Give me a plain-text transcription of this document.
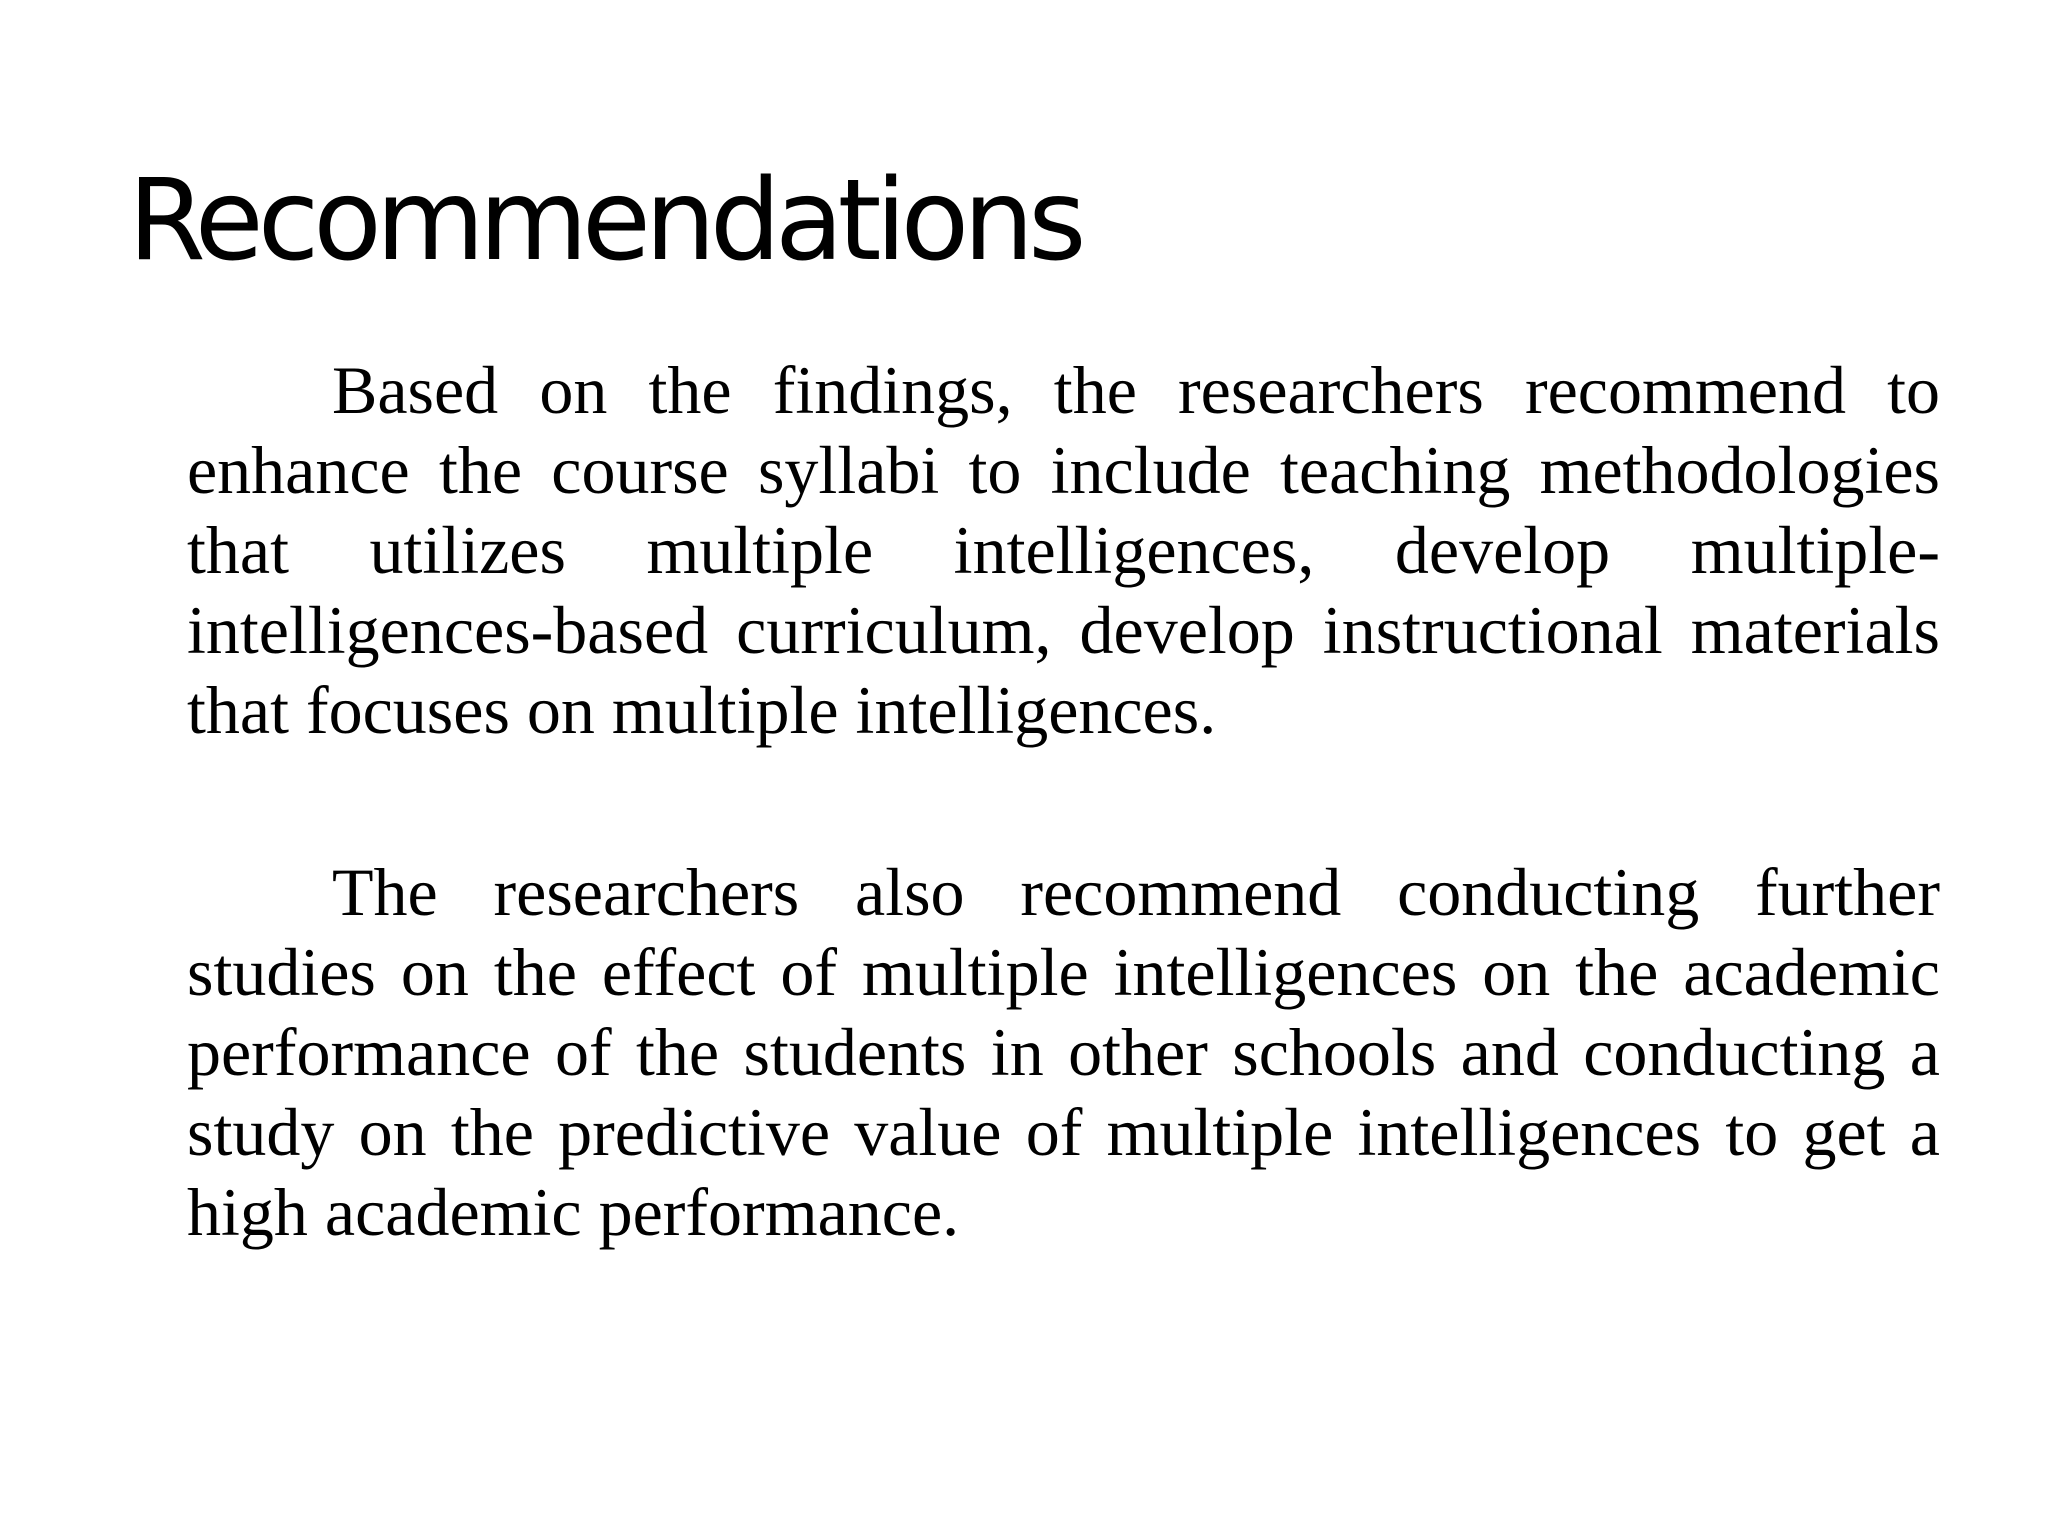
Recommendations

Based on the findings, the researchers recommend to enhance the course syllabi to include teaching methodologies that utilizes multiple intelligences, develop multiple-intelligences-based curriculum, develop instructional materials that focuses on multiple intelligences.

The researchers also recommend conducting further studies on the effect of multiple intelligences on the academic performance of the students in other schools and conducting a study on the predictive value of multiple intelligences to get a high academic performance.
